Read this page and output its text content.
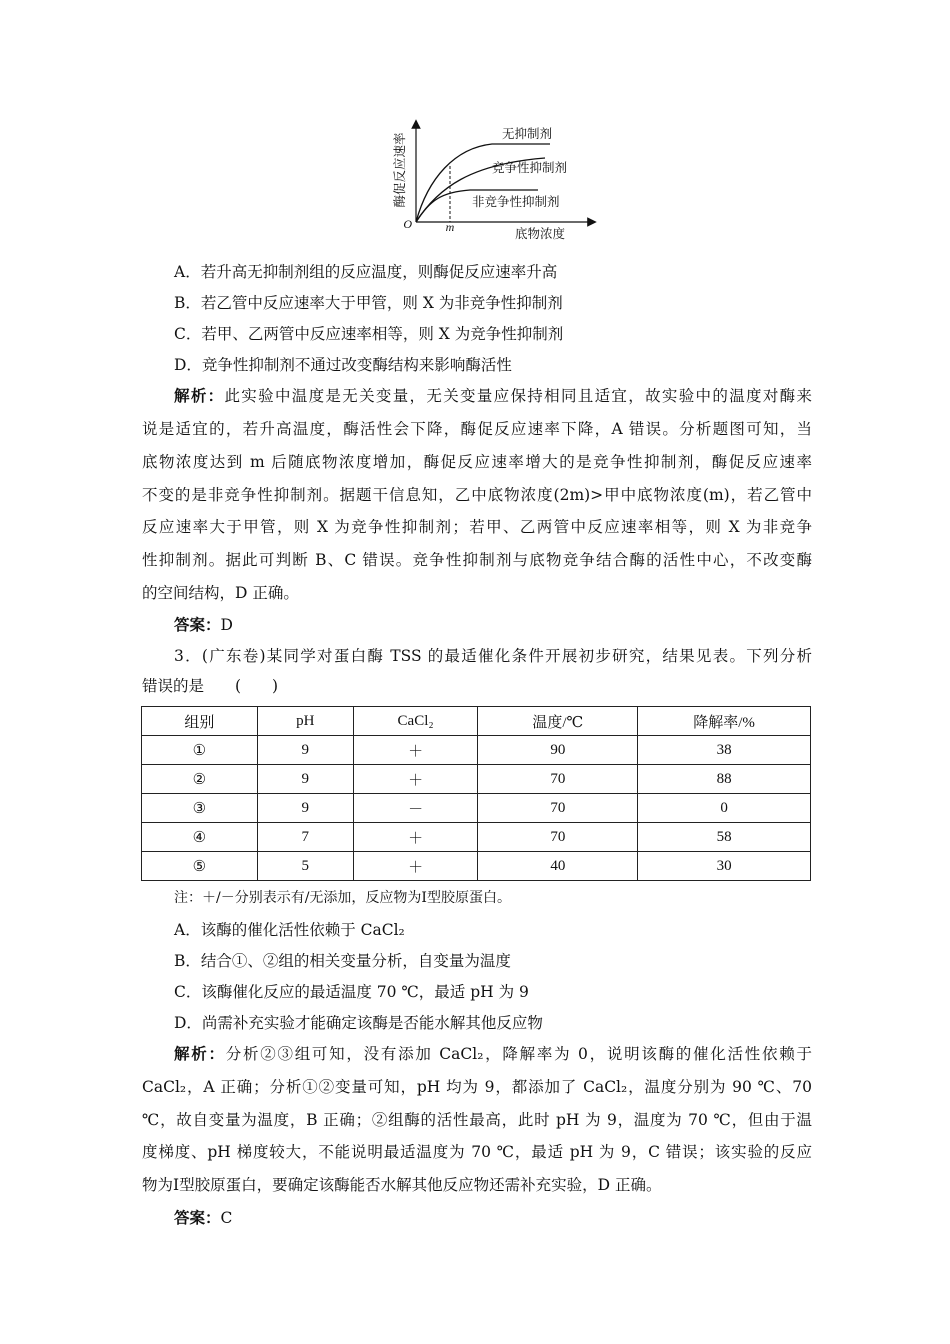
O	m	底物浓度
酶促反应速率	无抑制剂
竞争性抑制剂
非竞争性抑制剂
A．若升高无抑制剂组的反应温度，则酶促反应速率升高
B．若乙管中反应速率大于甲管，则 X 为非竞争性抑制剂
C．若甲、乙两管中反应速率相等，则 X 为竞争性抑制剂
D．竞争性抑制剂不通过改变酶结构来影响酶活性
解析：此实验中温度是无关变量，无关变量应保持相同且适宜，故实验中的温度对酶来
说是适宜的，若升高温度，酶活性会下降，酶促反应速率下降，A 错误。分析题图可知，当
底物浓度达到 m 后随底物浓度增加，酶促反应速率增大的是竞争性抑制剂，酶促反应速率
不变的是非竞争性抑制剂。据题干信息知，乙中底物浓度(2m)>甲中底物浓度(m)，若乙管中
反应速率大于甲管，则 X 为竞争性抑制剂；若甲、乙两管中反应速率相等，则 X 为非竞争
性抑制剂。据此可判断 B、C 错误。竞争性抑制剂与底物竞争结合酶的活性中心，不改变酶
的空间结构，D 正确。
答案：D
3．(广东卷)某同学对蛋白酶 TSS 的最适催化条件开展初步研究，结果见表。下列分析
错误的是　　(　　)
组别	pH	CaCl₂	温度/℃	降解率/%
①	9	＋	90	38
②	9	＋	70	88
③	9	－	70	0
④	7	＋	70	58
⑤	5	＋	40	30
注：＋/－分别表示有/无添加，反应物为Ⅰ型胶原蛋白。
A．该酶的催化活性依赖于 CaCl₂
B．结合①、②组的相关变量分析，自变量为温度
C．该酶催化反应的最适温度 70 ℃，最适 pH 为 9
D．尚需补充实验才能确定该酶是否能水解其他反应物
解析：分析②③组可知，没有添加 CaCl₂，降解率为 0，说明该酶的催化活性依赖于
CaCl₂，A 正确；分析①②变量可知，pH 均为 9，都添加了 CaCl₂，温度分别为 90 ℃、70
℃，故自变量为温度，B 正确；②组酶的活性最高，此时 pH 为 9，温度为 70 ℃，但由于温
度梯度、pH 梯度较大，不能说明最适温度为 70 ℃，最适 pH 为 9，C 错误；该实验的反应
物为Ⅰ型胶原蛋白，要确定该酶能否水解其他反应物还需补充实验，D 正确。
答案：C
